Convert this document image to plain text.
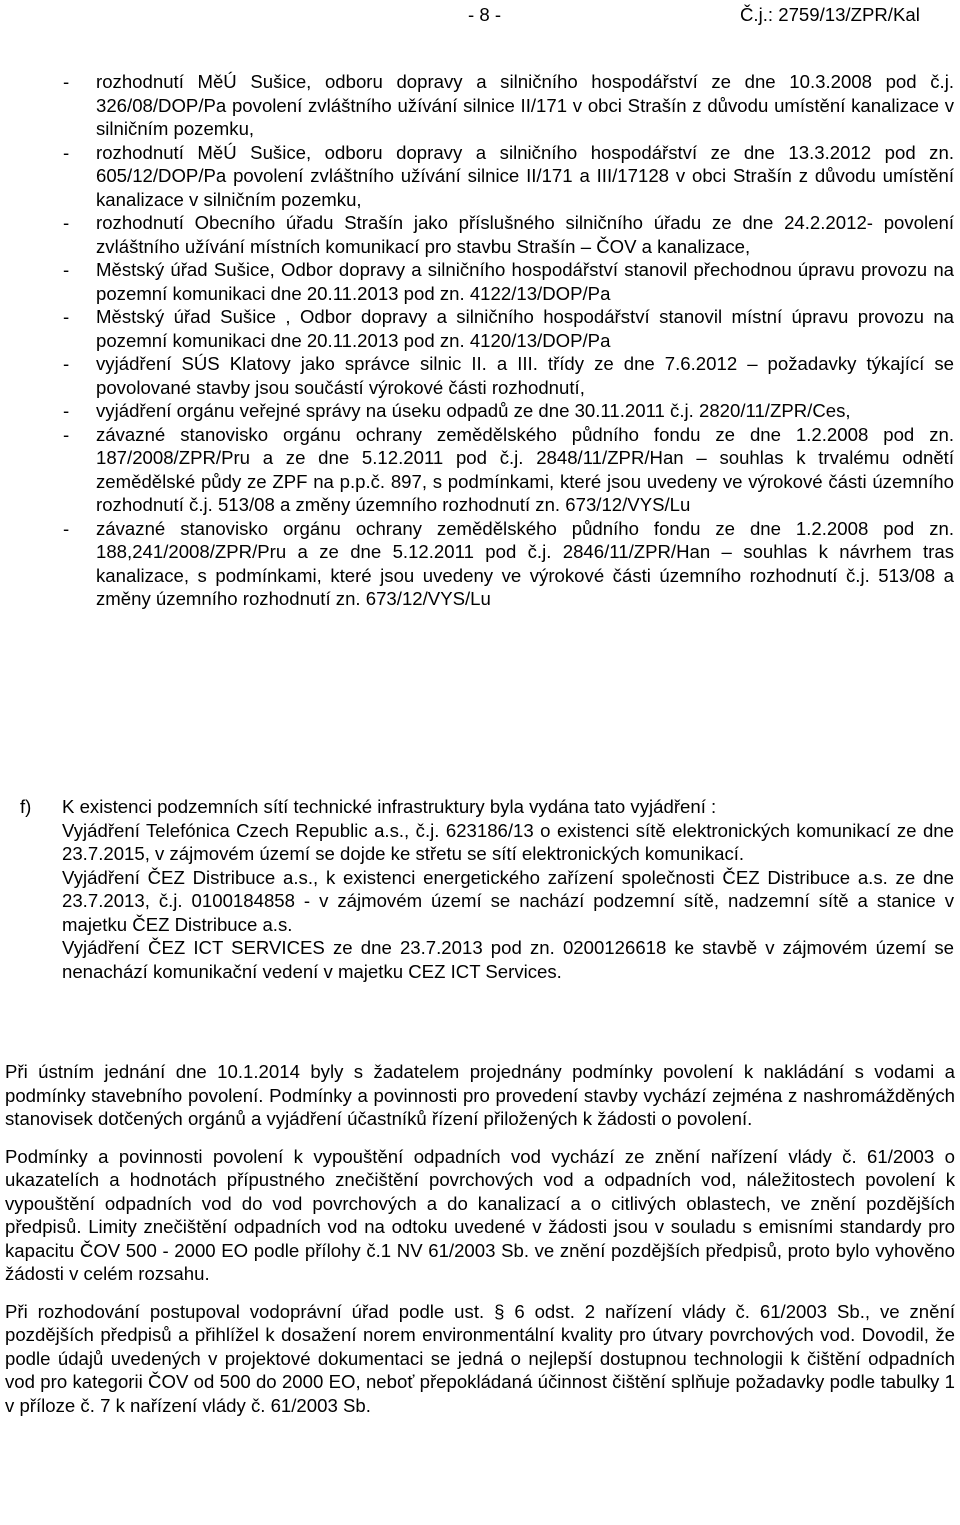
- 8 -	Č.j.: 2759/13/ZPR/Kal
-	rozhodnutí MěÚ Sušice, odboru dopravy a silničního hospodářství ze dne 10.3.2008 pod č.j. 326/08/DOP/Pa povolení zvláštního užívání silnice II/171 v obci Strašín z důvodu umístění kanalizace v silničním pozemku,
-	rozhodnutí MěÚ Sušice, odboru dopravy a silničního hospodářství ze dne 13.3.2012 pod zn. 605/12/DOP/Pa povolení zvláštního užívání silnice II/171 a III/17128 v obci Strašín z důvodu umístění kanalizace v silničním pozemku,
-	rozhodnutí Obecního úřadu Strašín jako příslušného silničního úřadu ze dne 24.2.2012- povolení zvláštního užívání místních komunikací pro stavbu Strašín – ČOV a kanalizace,
-	Městský úřad Sušice, Odbor dopravy a silničního hospodářství stanovil přechodnou úpravu provozu na pozemní komunikaci dne 20.11.2013 pod zn. 4122/13/DOP/Pa
-	Městský úřad Sušice , Odbor dopravy a silničního hospodářství stanovil místní úpravu provozu na pozemní komunikaci dne 20.11.2013 pod zn. 4120/13/DOP/Pa
-	vyjádření SÚS Klatovy jako správce silnic II. a III. třídy ze dne 7.6.2012 – požadavky týkající se povolované stavby jsou součástí výrokové části rozhodnutí,
-	vyjádření orgánu veřejné správy na úseku odpadů ze dne 30.11.2011 č.j. 2820/11/ZPR/Ces,
-	závazné stanovisko orgánu ochrany zemědělského půdního fondu ze dne 1.2.2008 pod zn. 187/2008/ZPR/Pru a ze dne 5.12.2011 pod č.j. 2848/11/ZPR/Han – souhlas k trvalému odnětí zemědělské půdy ze ZPF na p.p.č. 897, s podmínkami, které jsou uvedeny ve výrokové části územního rozhodnutí č.j. 513/08 a změny územního rozhodnutí zn. 673/12/VYS/Lu
-	závazné stanovisko orgánu ochrany zemědělského půdního fondu ze dne 1.2.2008 pod zn. 188,241/2008/ZPR/Pru a ze dne 5.12.2011 pod č.j. 2846/11/ZPR/Han – souhlas k návrhem tras kanalizace, s podmínkami, které jsou uvedeny ve výrokové části územního rozhodnutí č.j. 513/08 a změny územního rozhodnutí zn. 673/12/VYS/Lu
f)	K existenci podzemních sítí technické infrastruktury byla vydána tato vyjádření :
Vyjádření Telefónica Czech Republic a.s., č.j. 623186/13 o existenci sítě elektronických komunikací ze dne 23.7.2015, v zájmovém území se dojde ke střetu se sítí elektronických komunikací.
Vyjádření ČEZ Distribuce a.s., k existenci energetického zařízení společnosti ČEZ Distribuce a.s. ze dne 23.7.2013, č.j. 0100184858 - v zájmovém území se nachází podzemní sítě, nadzemní sítě a stanice v majetku ČEZ Distribuce a.s.
Vyjádření ČEZ ICT SERVICES ze dne 23.7.2013 pod zn. 0200126618 ke stavbě v zájmovém území se nenachází komunikační vedení v majetku CEZ ICT Services.
Při ústním jednání dne 10.1.2014 byly s žadatelem projednány podmínky povolení k nakládání s vodami a podmínky stavebního povolení. Podmínky a povinnosti pro provedení stavby vychází zejména z nashromážděných stanovisek dotčených orgánů a vyjádření účastníků řízení přiložených k žádosti o povolení.
Podmínky a povinnosti povolení k vypouštění odpadních vod vychází ze znění nařízení vlády č. 61/2003 o ukazatelích a hodnotách přípustného znečištění povrchových vod a odpadních vod, náležitostech povolení k vypouštění odpadních vod do vod povrchových a do kanalizací a o citlivých oblastech, ve znění pozdějších předpisů. Limity znečištění odpadních vod na odtoku uvedené v žádosti jsou v souladu s emisními standardy pro kapacitu ČOV 500 - 2000 EO podle přílohy č.1 NV 61/2003 Sb. ve znění pozdějších předpisů, proto bylo vyhověno žádosti v celém rozsahu.
Při rozhodování postupoval vodoprávní úřad podle ust. § 6 odst. 2 nařízení vlády č. 61/2003 Sb., ve znění pozdějších předpisů a přihlížel k dosažení norem environmentální kvality pro útvary povrchových vod. Dovodil, že podle údajů uvedených v projektové dokumentaci se jedná o nejlepší dostupnou technologii k čištění odpadních vod pro kategorii ČOV od 500 do 2000 EO, neboť přepokládaná účinnost čištění splňuje požadavky podle tabulky 1 v příloze č. 7 k nařízení vlády č. 61/2003 Sb.
